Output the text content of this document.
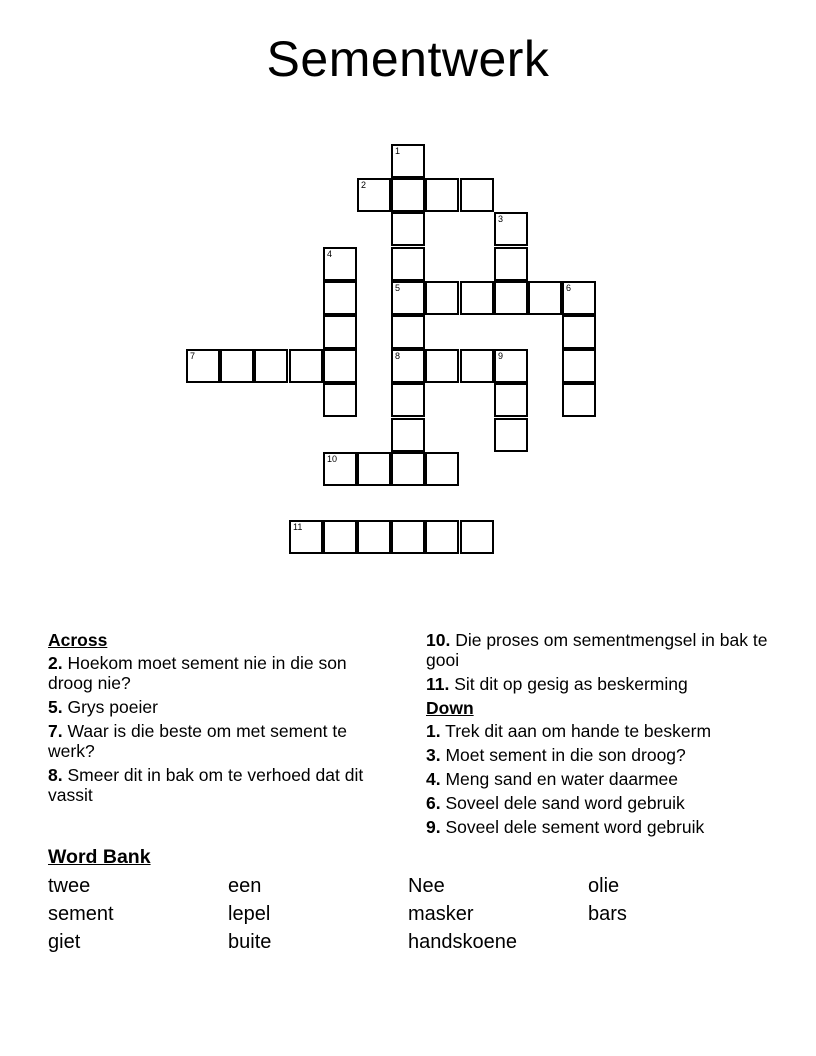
Sementwerk
1
2
3
4
5	6
7	8	9
10
11
Across
2. Hoekom moet sement nie in die son droog nie?
5. Grys poeier
7. Waar is die beste om met sement te werk?
8. Smeer dit in bak om te verhoed dat dit vassit
10. Die proses om sementmengsel in bak te gooi
11. Sit dit op gesig as beskerming
Down
1. Trek dit aan om hande te beskerm
3. Moet sement in die son droog?
4. Meng sand en water daarmee
6. Soveel dele sand word gebruik
9. Soveel dele sement word gebruik
Word Bank
twee	een	Nee	olie
sement	lepel	masker	bars
giet	buite	handskoene
